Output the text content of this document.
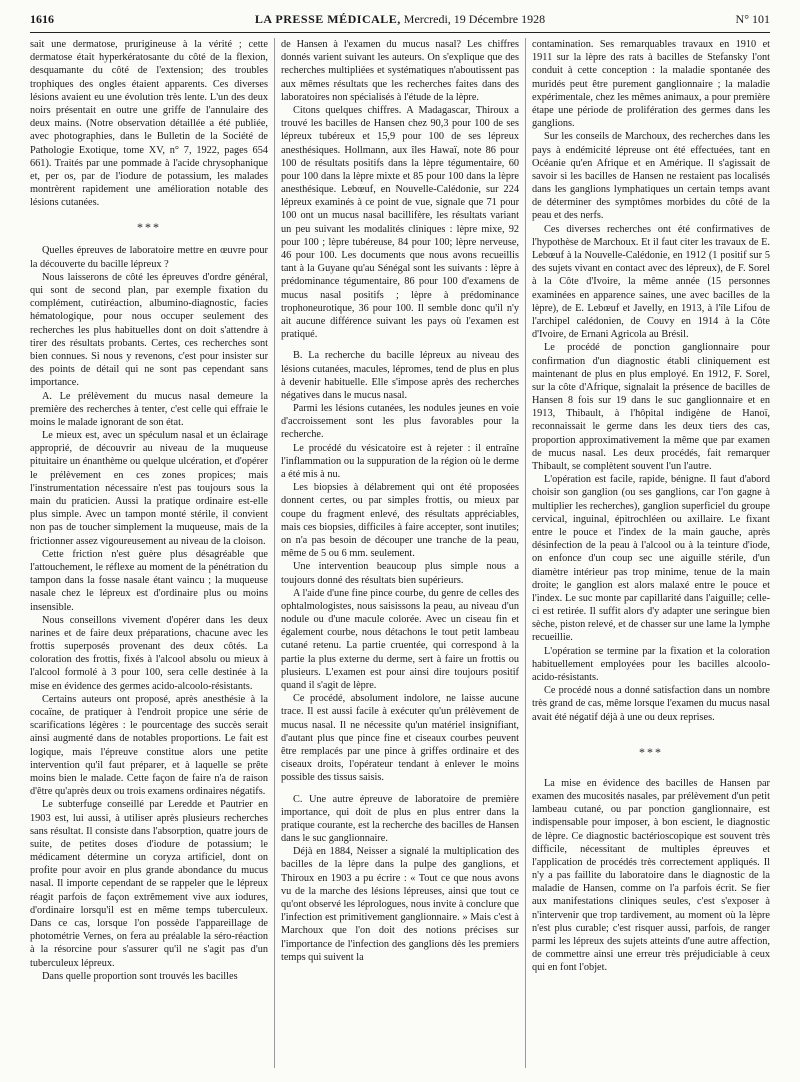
1616	LA PRESSE MÉDICALE, Mercredi, 19 Décembre 1928	N° 101

sait une dermatose, prurigineuse à la vérité ; cette dermatose était hyperkératosante du côté de la flexion, desquamante du côté de l'extension; des troubles trophiques des ongles étaient apparents. Ces diverses lésions avaient eu une évolution très lente. L'un des deux noirs présentait en outre une griffe de l'annulaire des deux mains. (Notre observation détaillée a été publiée, avec photographies, dans le Bulletin de la Société de Pathologie Exotique, tome XV, n° 7, 1922, pages 654 661). Traités par une pommade à l'acide chrysophanique et, per os, par de l'iodure de potassium, les malades montrèrent rapidement une amélioration notable des lésions cutanées.

***

Quelles épreuves de laboratoire mettre en œuvre pour la découverte du bacille lépreux ?

Nous laisserons de côté les épreuves d'ordre général, qui sont de second plan, par exemple fixation du complément, cutiréaction, albumino-diagnostic, facies hématologique, pour nous occuper seulement des recherches les plus habituelles dont on doit s'attendre à tirer des résultats probants. Certes, ces recherches sont bien connues. Si nous y revenons, c'est pour insister sur des points de détail qui ne sont pas cependant sans importance.

A. Le prélèvement du mucus nasal demeure la première des recherches à tenter, c'est celle qui effraie le moins le malade ignorant de son état.

Le mieux est, avec un spéculum nasal et un éclairage approprié, de découvrir au niveau de la muqueuse pituitaire un énanthème ou quelque ulcération, et d'opérer le prélèvement en ces zones propices; mais l'instrumentation nécessaire n'est pas toujours sous la main du praticien. Aussi la pratique ordinaire est-elle plus simple. Avec un tampon monté stérile, il convient non pas de toucher simplement la muqueuse, mais de la frictionner assez vigoureusement au niveau de la cloison.

Cette friction n'est guère plus désagréable que l'attouchement, le réflexe au moment de la pénétration du tampon dans la fosse nasale étant vaincu ; la muqueuse nasale chez le lépreux est d'ordinaire plus ou moins insensible.

Nous conseillons vivement d'opérer dans les deux narines et de faire deux préparations, chacune avec les frottis superposés provenant des deux côtés. La coloration des frottis, fixés à l'alcool absolu ou mieux à l'alcool formolé à 3 pour 100, sera celle destinée à la mise en évidence des germes acido-alcoolo-résistants.

Certains auteurs ont proposé, après anesthésie à la cocaïne, de pratiquer à l'endroit propice une série de scarifications légères : le pourcentage des succès serait ainsi augmenté dans de notables proportions. Le fait est logique, mais l'épreuve constitue alors une petite intervention qu'il faut préparer, et à laquelle se prête moins bien le malade. Cette façon de faire n'a de raison d'être qu'après deux ou trois examens ordinaires négatifs.

Le subterfuge conseillé par Leredde et Pautrier en 1903 est, lui aussi, à utiliser après plusieurs recherches sans résultat. Il consiste dans l'absorption, quatre jours de suite, de petites doses d'iodure de potassium; le médicament détermine un coryza artificiel, dont on profite pour avoir en plus grande abondance du mucus nasal. Il importe cependant de se rappeler que le lépreux réagit parfois de façon extrêmement vive aux iodures, d'ordinaire lorsqu'il est en même temps tuberculeux. Dans ce cas, lorsque l'on possède l'appareillage de photométrie Vernes, on fera au préalable la séro-réaction à la résorcine pour s'assurer qu'il ne s'agit pas d'un tuberculeux lépreux.

Dans quelle proportion sont trouvés les bacilles

de Hansen à l'examen du mucus nasal? Les chiffres donnés varient suivant les auteurs. On s'explique que des recherches multipliées et systématiques n'aboutissent pas aux mêmes résultats que les recherches faites dans des laboratoires non spécialisés à l'étude de la lèpre.

Citons quelques chiffres. A Madagascar, Thiroux a trouvé les bacilles de Hansen chez 90,3 pour 100 de ses lépreux tubéreux et 15,9 pour 100 de ses lépreux anesthésiques. Hollmann, aux îles Hawaï, note 86 pour 100 de résultats positifs dans la lèpre tégumentaire, 60 pour 100 dans la lèpre mixte et 85 pour 100 dans la lèpre anesthésique. Lebœuf, en Nouvelle-Calédonie, sur 224 lépreux examinés à ce point de vue, signale que 71 pour 100 ont un mucus nasal bacillifère, les résultats variant un peu suivant les modalités cliniques : lèpre mixe, 92 pour 100 ; lèpre tubéreuse, 84 pour 100; lèpre nerveuse, 46 pour 100. Les documents que nous avons recueillis tant à la Guyane qu'au Sénégal sont les suivants : lèpre à prédominance tégumentaire, 86 pour 100 d'examens de mucus nasal positifs ; lèpre à prédominance trophoneurotique, 36 pour 100. Il semble donc qu'il n'y ait aucune différence suivant les pays où l'examen est pratiqué.

B. La recherche du bacille lépreux au niveau des lésions cutanées, macules, lépromes, tend de plus en plus à devenir habituelle. Elle s'impose après des recherches négatives dans le mucus nasal.

Parmi les lésions cutanées, les nodules jeunes en voie d'accroissement sont les plus favorables pour la recherche.

Le procédé du vésicatoire est à rejeter : il entraîne l'inflammation ou la suppuration de la région où le derme a été mis à nu.

Les biopsies à délabrement qui ont été proposées donnent certes, ou par simples frottis, ou mieux par coupe du fragment enlevé, des résultats appréciables, mais ces biopsies, difficiles à faire accepter, sont inutiles; on n'a pas besoin de découper une tranche de la peau, même de 5 ou 6 mm. seulement.

Une intervention beaucoup plus simple nous a toujours donné des résultats bien supérieurs.

A l'aide d'une fine pince courbe, du genre de celles des ophtalmologistes, nous saisissons la peau, au niveau d'un nodule ou d'une macule colorée. Avec un ciseau fin et également courbe, nous détachons le tout petit lambeau cutané retenu. La partie cruentée, qui correspond à la partie la plus externe du derme, sert à faire un frottis ou plusieurs. L'examen est pour ainsi dire toujours positif quand il s'agit de lèpre.

Ce procédé, absolument indolore, ne laisse aucune trace. Il est aussi facile à exécuter qu'un prélèvement de mucus nasal. Il ne nécessite qu'un matériel insignifiant, d'autant plus que pince fine et ciseaux courbes peuvent être remplacés par une pince à griffes ordinaire et des ciseaux droits, l'opérateur tendant à enlever le moins possible des tissus saisis.

C. Une autre épreuve de laboratoire de première importance, qui doit de plus en plus entrer dans la pratique courante, est la recherche des bacilles de Hansen dans le suc ganglionnaire.

Déjà en 1884, Neisser a signalé la multiplication des bacilles de la lèpre dans la pulpe des ganglions, et Thiroux en 1903 a pu écrire : « Tout ce que nous avons vu de la marche des lésions lépreuses, ainsi que tout ce qu'ont observé les léprologues, nous invite à conclure que l'infection est primitivement ganglionnaire. » Mais c'est à Marchoux que l'on doit des notions précises sur l'importance de l'infection des ganglions dès les premiers temps qui suivent la

contamination. Ses remarquables travaux en 1910 et 1911 sur la lèpre des rats à bacilles de Stefansky l'ont conduit à cette conception : la maladie spontanée des muridés peut être purement ganglionnaire ; la maladie expérimentale, chez les mêmes animaux, a pour première étape une période de prolifération des germes dans les ganglions.

Sur les conseils de Marchoux, des recherches dans les pays à endémicité lépreuse ont été effectuées, tant en Océanie qu'en Afrique et en Amérique. Il s'agissait de savoir si les bacilles de Hansen ne restaient pas localisés dans les ganglions lymphatiques un certain temps avant de déterminer des symptômes morbides du côté de la peau et des nerfs.

Ces diverses recherches ont été confirmatives de l'hypothèse de Marchoux. Et il faut citer les travaux de E. Lebœuf à la Nouvelle-Calédonie, en 1912 (1 positif sur 5 des sujets vivant en contact avec des lépreux), de F. Sorel à la Côte d'Ivoire, la même année (15 personnes examinées en apparence saines, une avec bacilles de la lèpre), de E. Lebœuf et Javelly, en 1913, à l'île Lifou de l'archipel calédonien, de Couvy en 1914 à la Côte d'Ivoire, de Ernani Agricola au Brésil.

Le procédé de ponction ganglionnaire pour confirmation d'un diagnostic établi cliniquement est maintenant de plus en plus employé. En 1912, F. Sorel, sur la côte d'Afrique, signalait la présence de bacilles de Hansen 8 fois sur 19 dans le suc ganglionnaire et en 1913, Thibault, à l'hôpital indigène de Hanoï, reconnaissait le germe dans les deux tiers des cas, proportion approximativement la même que par examen de mucus nasal. Les deux procédés, fait remarquer Thibault, se complètent souvent l'un l'autre.

L'opération est facile, rapide, bénigne. Il faut d'abord choisir son ganglion (ou ses ganglions, car l'on gagne à multiplier les recherches), ganglion superficiel du groupe cervical, inguinal, épitrochléen ou axillaire. Le fixant entre le pouce et l'index de la main gauche, après désinfection de la peau à l'alcool ou à la teinture d'iode, on enfonce d'un coup sec une aiguille stérile, d'un diamètre intérieur pas trop minime, tenue de la main droite; le ganglion est alors malaxé entre le pouce et l'index. Le suc monte par capillarité dans l'aiguille; celle-ci est retirée. Il suffit alors d'y adapter une seringue bien sèche, piston relevé, et de chasser sur une lame la lymphe recueillie.

L'opération se termine par la fixation et la coloration habituellement employées pour les bacilles alcoolo-acido-résistants.

Ce procédé nous a donné satisfaction dans un nombre très grand de cas, même lorsque l'examen du mucus nasal avait été négatif déjà à une ou deux reprises.

***

La mise en évidence des bacilles de Hansen par examen des mucosités nasales, par prélèvement d'un petit lambeau cutané, ou par ponction ganglionnaire, est indispensable pour imposer, à bon escient, le diagnostic de lèpre. Ce diagnostic bactérioscopique est souvent très difficile, nécessitant de multiples épreuves et l'application de procédés très correctement appliqués. Il n'y a pas faillite du laboratoire dans le diagnostic de la maladie de Hansen, comme on l'a parfois écrit. Se fier aux manifestations cliniques seules, c'est s'exposer à n'intervenir que trop tardivement, au moment où la lèpre n'est plus curable; c'est risquer aussi, parfois, de ranger parmi les lépreux des sujets atteints d'une autre affection, de commettre ainsi une erreur très préjudiciable à ceux qui en font l'objet.
